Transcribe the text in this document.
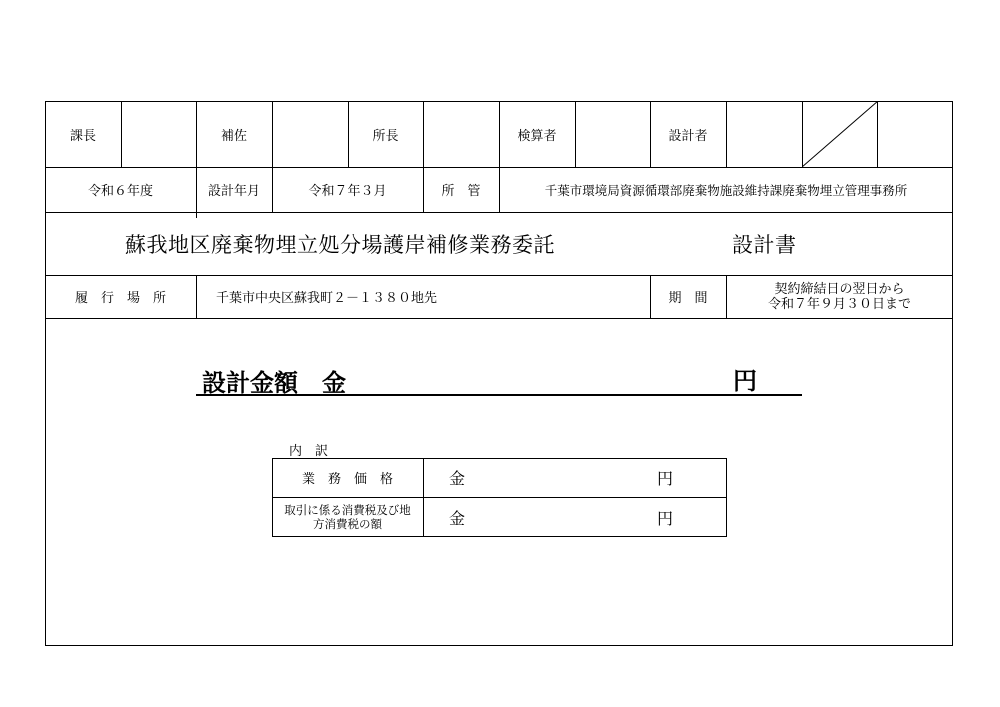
課長	補佐	所長	検算者	設計者
令和６年度	設計年月	令和７年３月	所　管	千葉市環境局資源循環部廃棄物施設維持課廃棄物埋立管理事務所
蘇我地区廃棄物埋立処分場護岸補修業務委託	設計書
履　行　場　所	千葉市中央区蘇我町２－１３８０地先	期　間
契約締結日の翌日から
令和７年９月３０日まで
設計金額　金	円
内　訳
業　務　価　格	金	円
取引に係る消費税及び地
方消費税の額	金	円
